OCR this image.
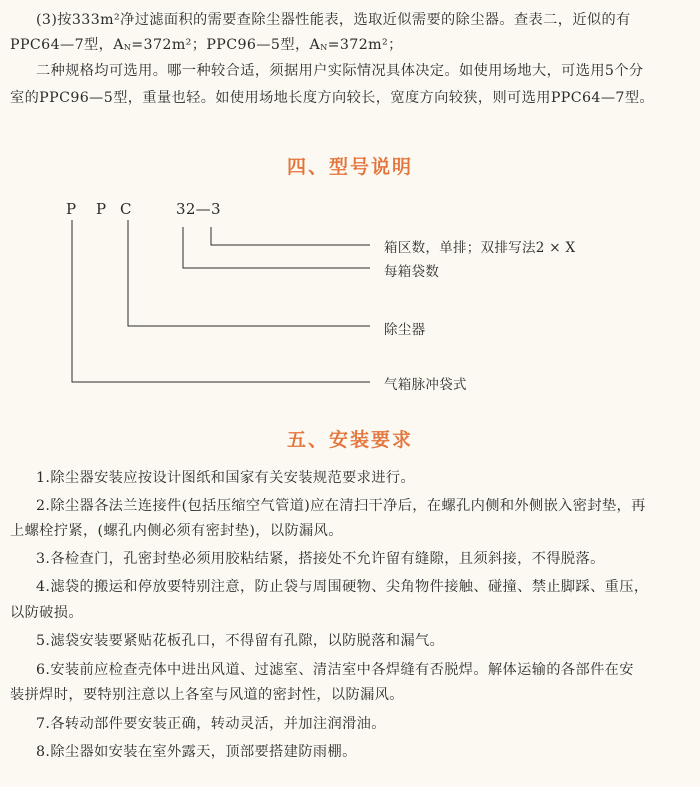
(3)按333m²净过滤面积的需要查除尘器性能表，选取近似需要的除尘器。查表二，近似的有
PPC64—7型，$A_N=372m^2$；PPC96—5型，$A_N=372m^2$；
二种规格均可选用。哪一种较合适，须据用户实际情况具体决定。如使用场地大，可选用5个分
室的PPC96—5型，重量也轻。如使用场地长度方向较长，宽度方向较狭，则可选用PPC64—7型。
四、型号说明
P P C	32—3
箱区数，单排；双排写法2 × X
每箱袋数
除尘器
气箱脉冲袋式
五、安装要求
1.除尘器安装应按设计图纸和国家有关安装规范要求进行。
2.除尘器各法兰连接件(包括压缩空气管道)应在清扫干净后，在螺孔内侧和外侧嵌入密封垫，再
上螺栓拧紧，(螺孔内侧必须有密封垫)，以防漏风。
3.各检查门，孔密封垫必须用胶粘结紧，搭接处不允许留有缝隙，且须斜接，不得脱落。
4.滤袋的搬运和停放要特别注意，防止袋与周围硬物、尖角物件接触、碰撞、禁止脚踩、重压，
以防破损。
5.滤袋安装要紧贴花板孔口，不得留有孔隙，以防脱落和漏气。
6.安装前应检查壳体中进出风道、过滤室、清洁室中各焊缝有否脱焊。解体运输的各部件在安
装拼焊时，要特别注意以上各室与风道的密封性，以防漏风。
7.各转动部件要安装正确，转动灵活，并加注润滑油。
8.除尘器如安装在室外露天，顶部要搭建防雨棚。
